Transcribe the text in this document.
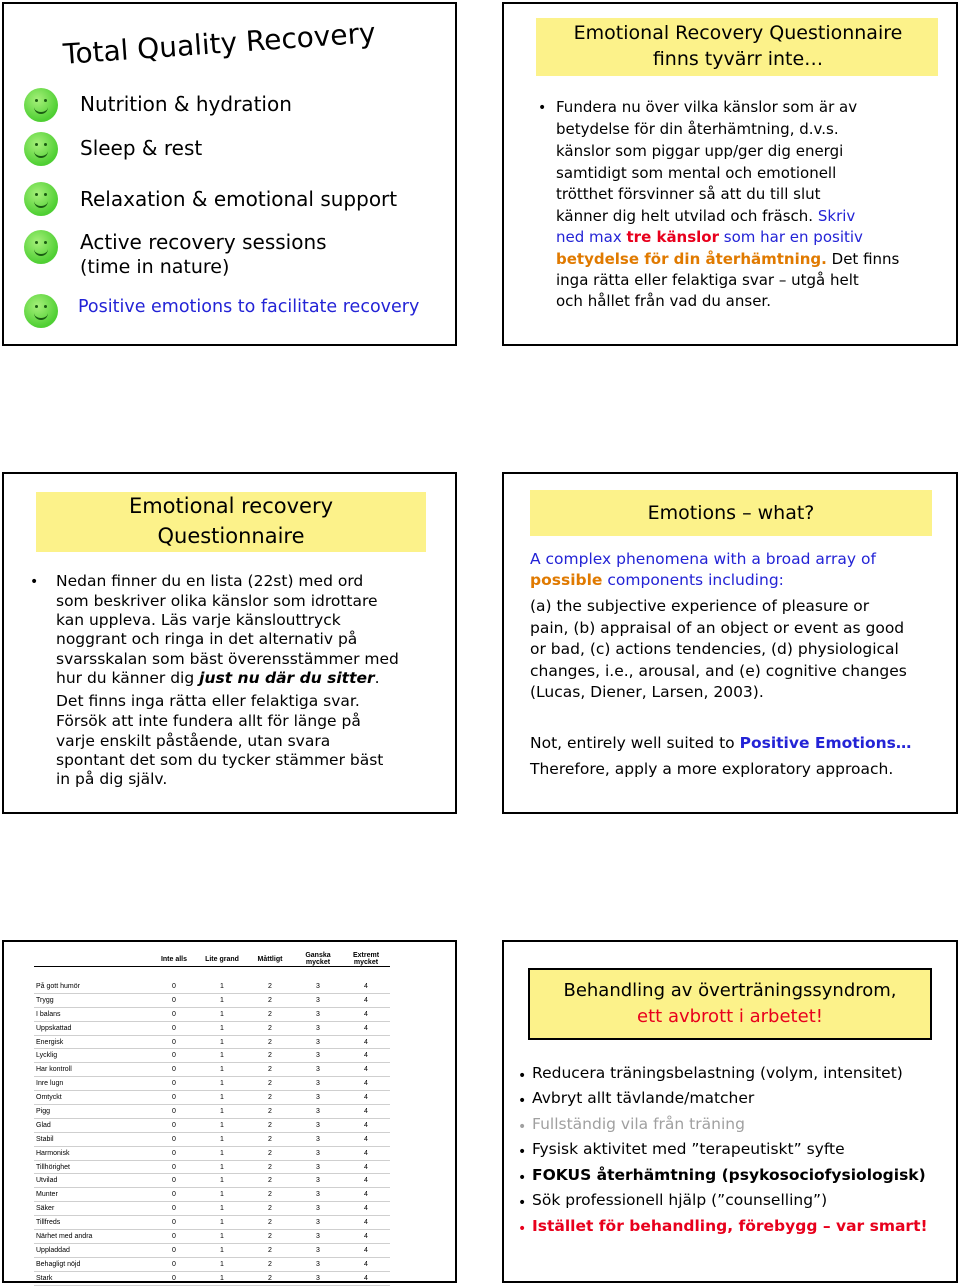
Total Quality Recovery
Nutrition & hydration
Sleep & rest
Relaxation & emotional support
Active recovery sessions
(time in nature)
Positive emotions to facilitate recovery
Emotional Recovery Questionnaire
finns tyvärr inte…
• Fundera nu över vilka känslor som är av
betydelse för din återhämtning, d.v.s.
känslor som piggar upp/ger dig energi
samtidigt som mental och emotionell
trötthet försvinner så att du till slut
känner dig helt utvilad och fräsch. Skriv
ned max tre känslor som har en positiv
betydelse för din återhämtning. Det finns
inga rätta eller felaktiga svar – utgå helt
och hållet från vad du anser.
Emotional recovery
Questionnaire
• Nedan finner du en lista (22st) med ord
som beskriver olika känslor som idrottare
kan uppleva. Läs varje känslouttryck
noggrant och ringa in det alternativ på
svarsskalan som bäst överensstämmer med
hur du känner dig just nu där du sitter.
Det finns inga rätta eller felaktiga svar.
Försök att inte fundera allt för länge på
varje enskilt påstående, utan svara
spontant det som du tycker stämmer bäst
in på dig själv.
Emotions – what?
A complex phenomena with a broad array of
possible components including:
(a) the subjective experience of pleasure or
pain, (b) appraisal of an object or event as good
or bad, (c) actions tendencies, (d) physiological
changes, i.e., arousal, and (e) cognitive changes
(Lucas, Diener, Larsen, 2003).
Not, entirely well suited to Positive Emotions…
Therefore, apply a more exploratory approach.
	Inte alls	Lite grand	Måttligt	Ganska mycket	Extremt mycket

På gott humör	0	1	2	3	4
Trygg	0	1	2	3	4
I balans	0	1	2	3	4
Uppskattad	0	1	2	3	4
Energisk	0	1	2	3	4
Lycklig	0	1	2	3	4
Har kontroll	0	1	2	3	4
Inre lugn	0	1	2	3	4
Omtyckt	0	1	2	3	4
Pigg	0	1	2	3	4
Glad	0	1	2	3	4
Stabil	0	1	2	3	4
Harmonisk	0	1	2	3	4
Tillhörighet	0	1	2	3	4
Utvilad	0	1	2	3	4
Munter	0	1	2	3	4
Säker	0	1	2	3	4
Tillfreds	0	1	2	3	4
Närhet med andra	0	1	2	3	4
Uppladdad	0	1	2	3	4
Behagligt nöjd	0	1	2	3	4
Stark	0	1	2	3	4
Behandling av överträningssyndrom,
ett avbrott i arbetet!
• Reducera träningsbelastning (volym, intensitet)
• Avbryt allt tävlande/matcher
• Fullständig vila från träning
• Fysisk aktivitet med ”terapeutiskt” syfte
• FOKUS återhämtning (psykosociofysiologisk)
• Sök professionell hjälp (”counselling”)
• Istället för behandling, förebygg – var smart!
